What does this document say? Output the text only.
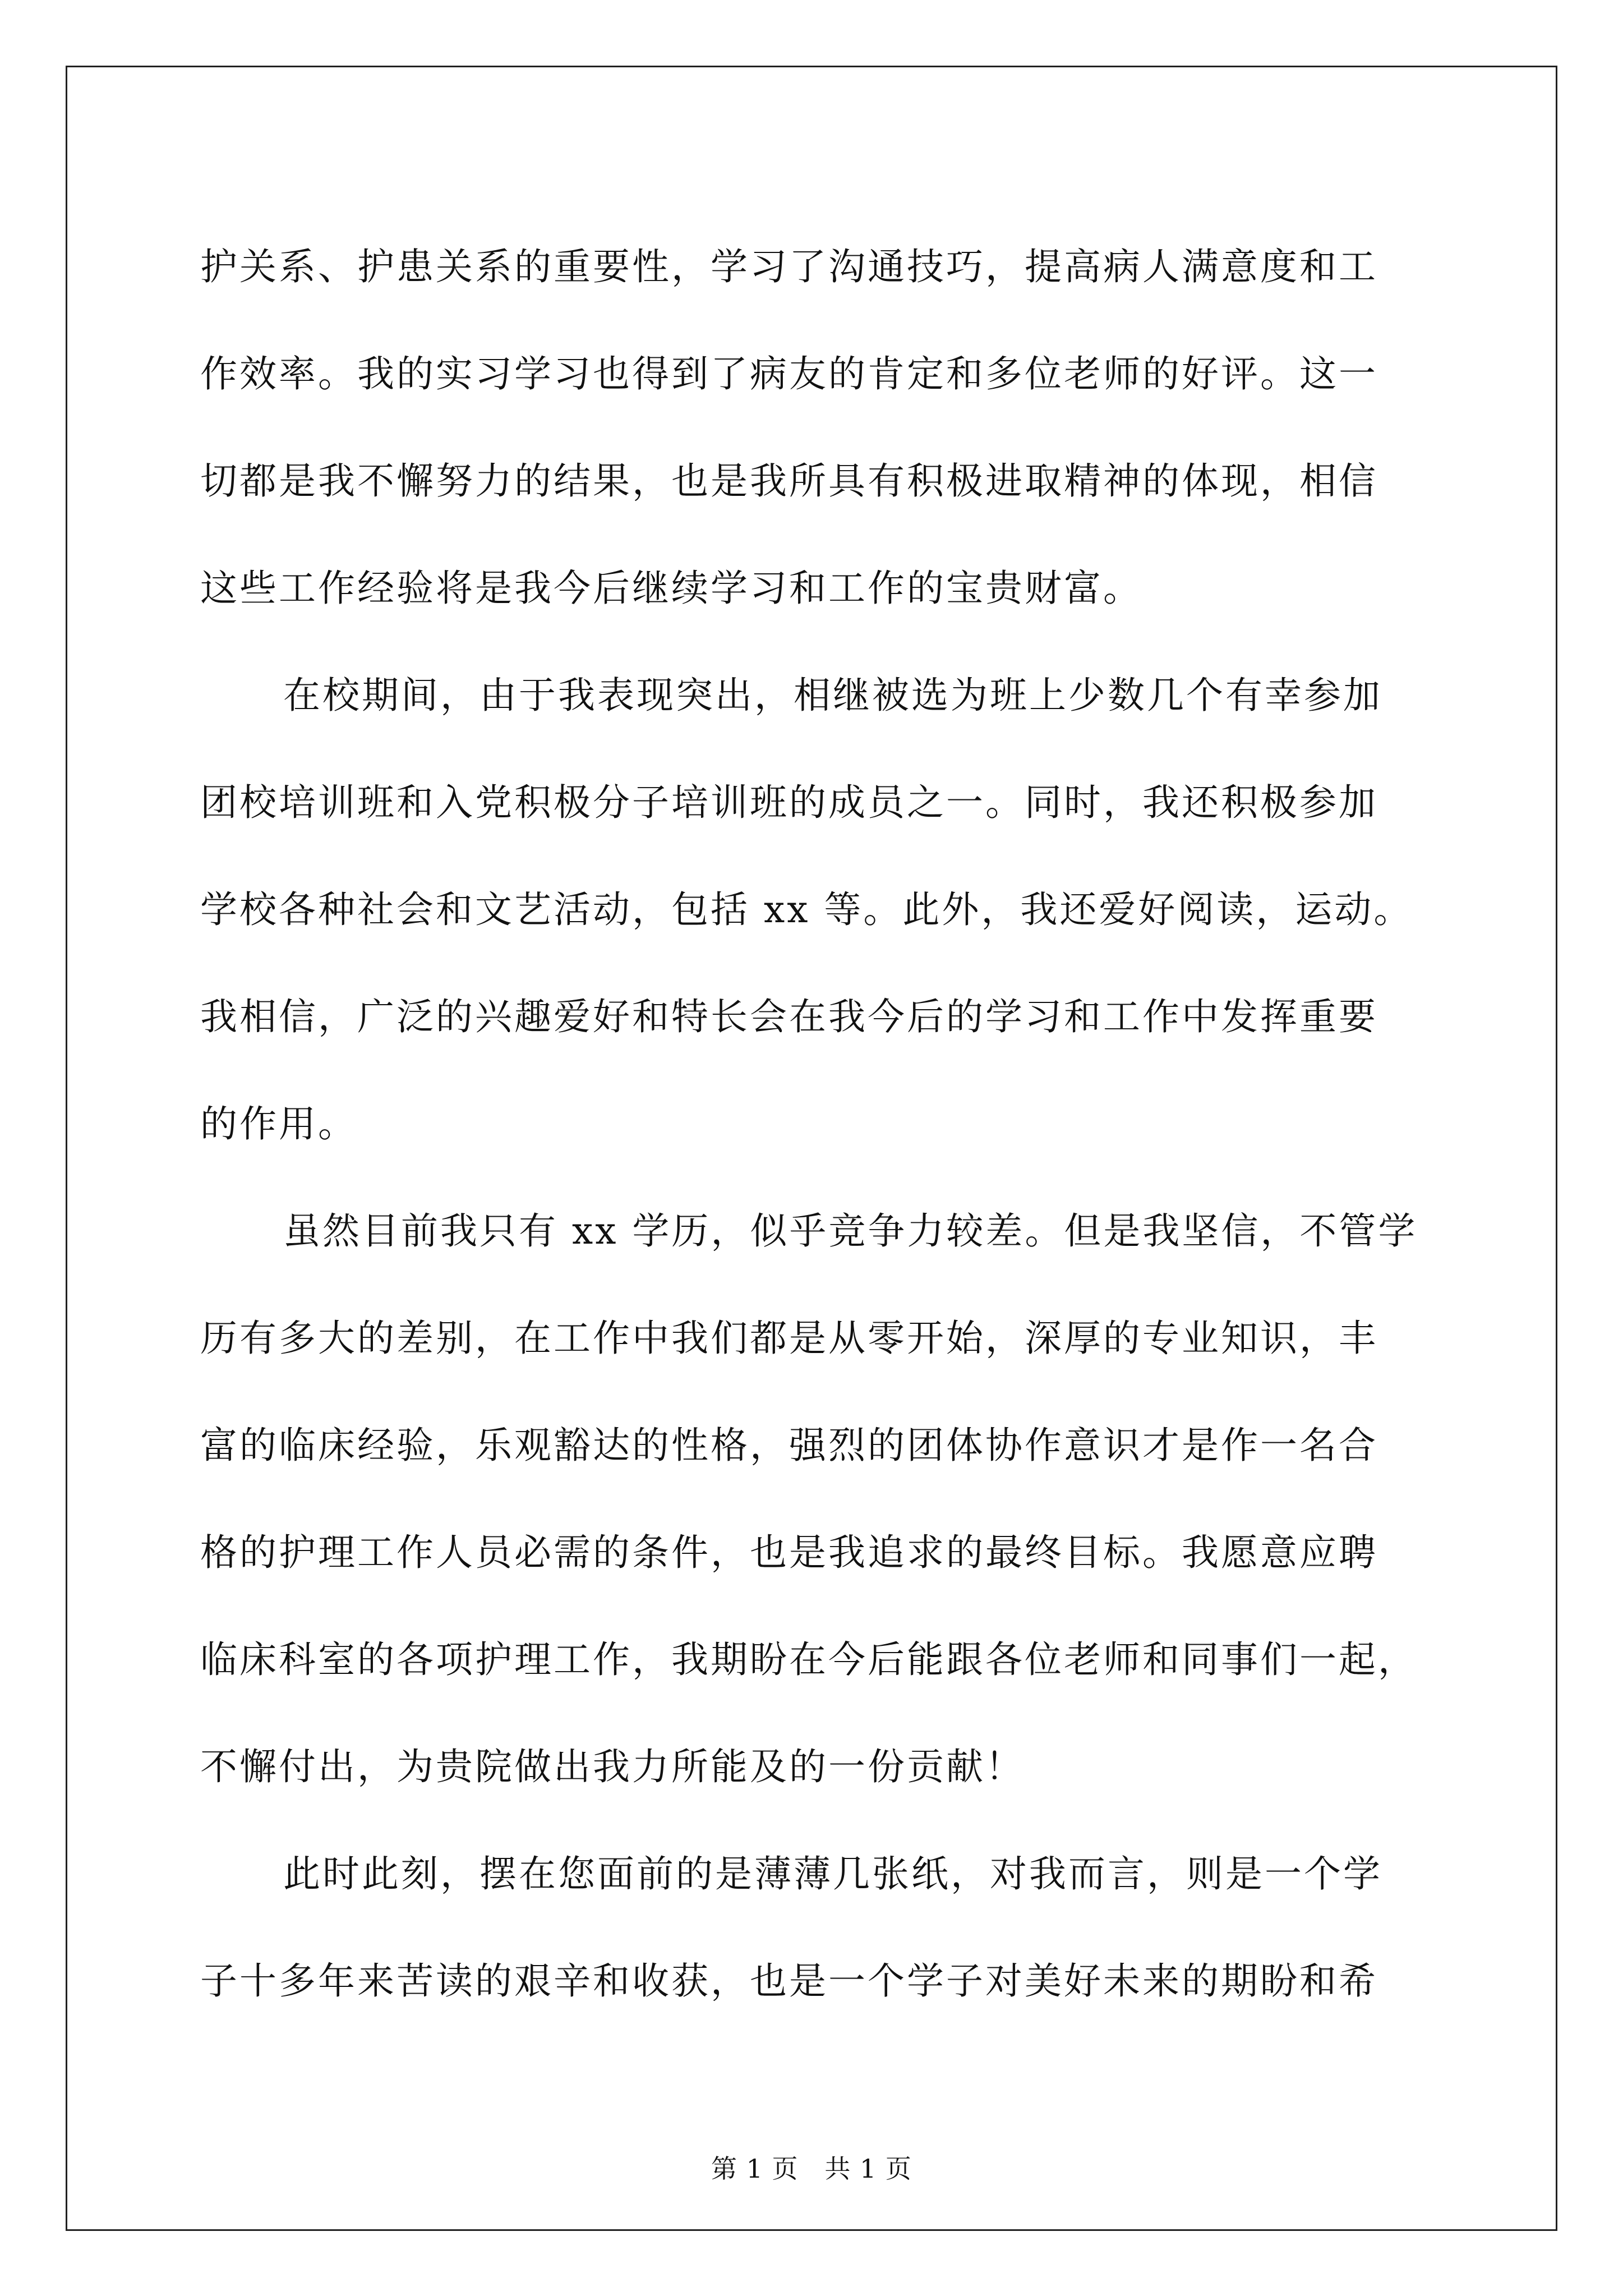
护关系、护患关系的重要性，学习了沟通技巧，提高病人满意度和工

作效率。我的实习学习也得到了病友的肯定和多位老师的好评。这一

切都是我不懈努力的结果，也是我所具有积极进取精神的体现，相信

这些工作经验将是我今后继续学习和工作的宝贵财富。

在校期间，由于我表现突出，相继被选为班上少数几个有幸参加

团校培训班和入党积极分子培训班的成员之一。同时，我还积极参加

学校各种社会和文艺活动，包括 xx 等。此外，我还爱好阅读，运动。

我相信，广泛的兴趣爱好和特长会在我今后的学习和工作中发挥重要

的作用。

虽然目前我只有 xx 学历，似乎竞争力较差。但是我坚信，不管学

历有多大的差别，在工作中我们都是从零开始，深厚的专业知识，丰

富的临床经验，乐观豁达的性格，强烈的团体协作意识才是作一名合

格的护理工作人员必需的条件，也是我追求的最终目标。我愿意应聘

临床科室的各项护理工作，我期盼在今后能跟各位老师和同事们一起，

不懈付出，为贵院做出我力所能及的一份贡献！

此时此刻，摆在您面前的是薄薄几张纸，对我而言，则是一个学

子十多年来苦读的艰辛和收获，也是一个学子对美好未来的期盼和希

第 1 页   共 1 页
